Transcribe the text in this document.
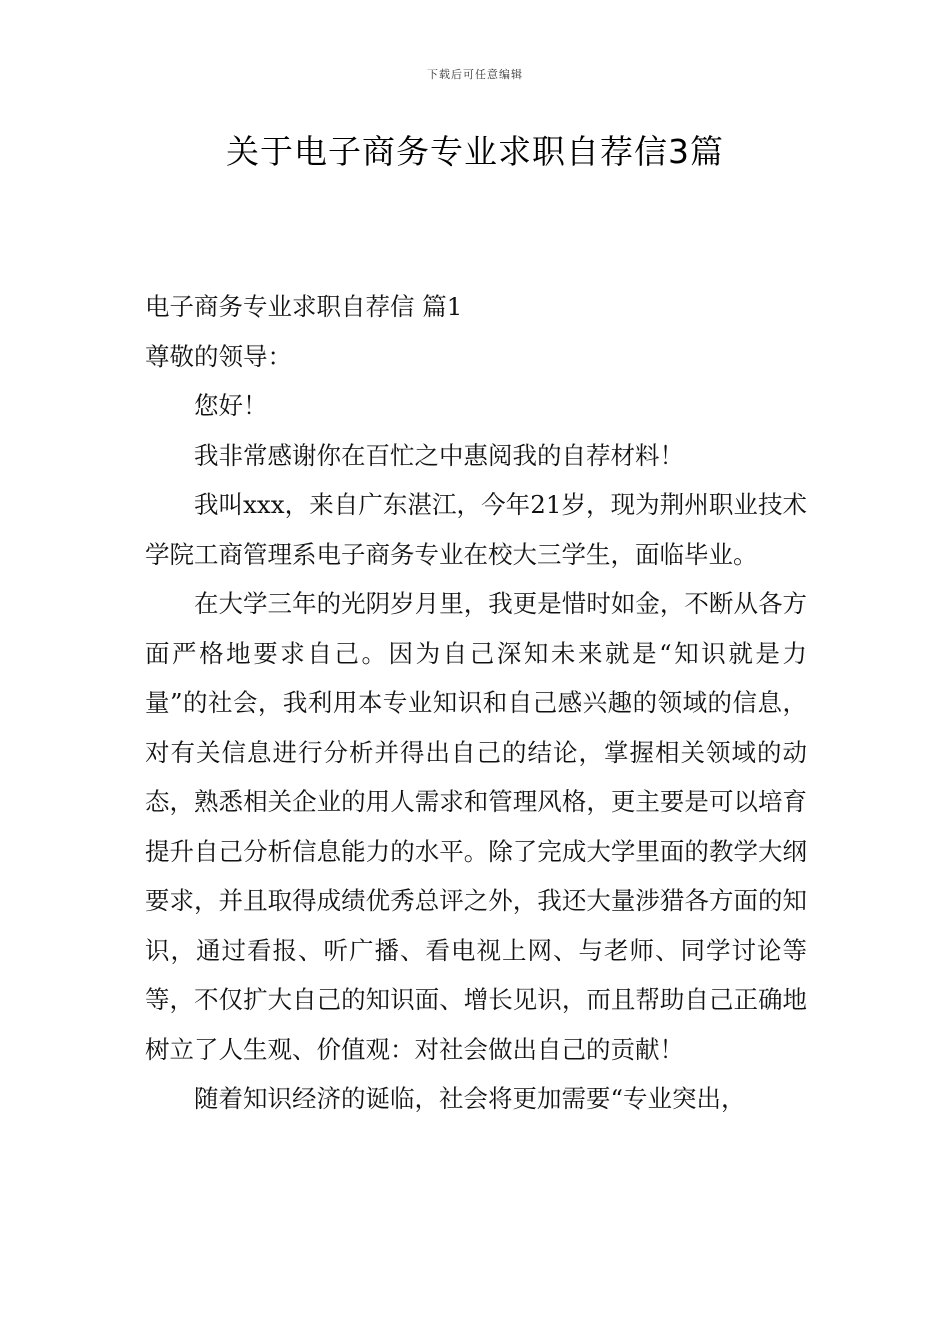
下载后可任意编辑
关于电子商务专业求职自荐信3篇

电子商务专业求职自荐信 篇1

尊敬的领导：

您好！

我非常感谢你在百忙之中惠阅我的自荐材料！

我叫xxx，来自广东湛江，今年21岁，现为荆州职业技术学院工商管理系电子商务专业在校大三学生，面临毕业。

在大学三年的光阴岁月里，我更是惜时如金，不断从各方面严格地要求自己。因为自己深知未来就是“知识就是力量”的社会，我利用本专业知识和自己感兴趣的领域的信息，对有关信息进行分析并得出自己的结论，掌握相关领域的动态，熟悉相关企业的用人需求和管理风格，更主要是可以培育提升自己分析信息能力的水平。除了完成大学里面的教学大纲要求，并且取得成绩优秀总评之外，我还大量涉猎各方面的知识，通过看报、听广播、看电视上网、与老师、同学讨论等等，不仅扩大自己的知识面、增长见识，而且帮助自己正确地树立了人生观、价值观：对社会做出自己的贡献！

随着知识经济的诞临，社会将更加需要“专业突出，
